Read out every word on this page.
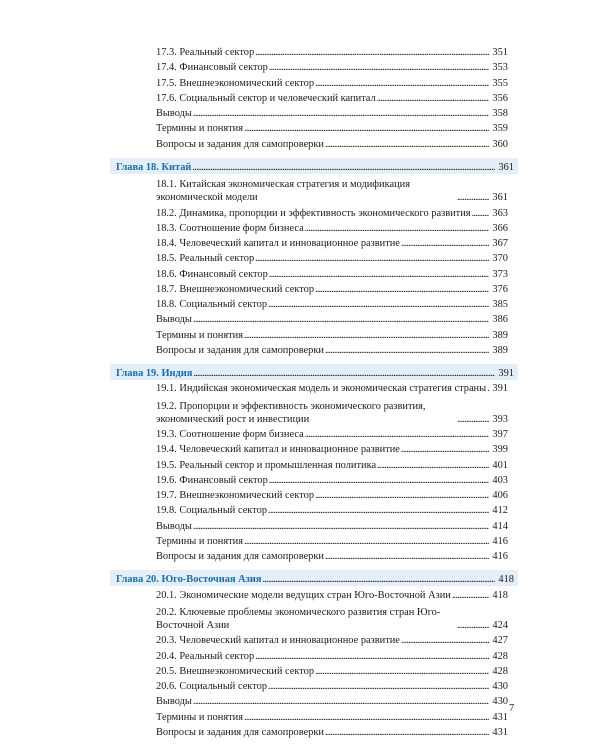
17.3. Реальный сектор . . .	351
17.4. Финансовый сектор . . .	353
17.5. Внешнеэкономический сектор . . .	355
17.6. Социальный сектор и человеческий капитал . . .	356
Выводы . . .	358
Термины и понятия . . .	359
Вопросы и задания для самопроверки . . .	360
Глава 18. Китай . . .	361
18.1. Китайская экономическая стратегия и модификация экономической модели . . .	361
18.2. Динамика, пропорции и эффективность экономического развития . . . 363
18.3. Соотношение форм бизнеса . . .	366
18.4. Человеческий капитал и инновационное развитие . . .	367
18.5. Реальный сектор . . .	370
18.6. Финансовый сектор . . .	373
18.7. Внешнеэкономический сектор . . .	376
18.8. Социальный сектор . . .	385
Выводы . . .	386
Термины и понятия . . .	389
Вопросы и задания для самопроверки . . .	389
Глава 19. Индия . . .	391
19.1. Индийская экономическая модель и экономическая стратегия страны . . . 391
19.2. Пропорции и эффективность экономического развития, экономический рост и инвестиции . . .	393
19.3. Соотношение форм бизнеса . . .	397
19.4. Человеческий капитал и инновационное развитие . . .	399
19.5. Реальный сектор и промышленная политика . . .	401
19.6. Финансовый сектор . . .	403
19.7. Внешнеэкономический сектор . . .	406
19.8. Социальный сектор . . .	412
Выводы . . .	414
Термины и понятия . . .	416
Вопросы и задания для самопроверки . . .	416
Глава 20. Юго-Восточная Азия . . .	418
20.1. Экономические модели ведущих стран Юго-Восточной Азии . . .	418
20.2. Ключевые проблемы экономического развития стран Юго-Восточной Азии . . .	424
20.3. Человеческий капитал и инновационное развитие . . .	427
20.4. Реальный сектор . . .	428
20.5. Внешнеэкономический сектор . . .	428
20.6. Социальный сектор . . .	430
Выводы . . .	430
Термины и понятия . . .	431
Вопросы и задания для самопроверки . . .	431
7
